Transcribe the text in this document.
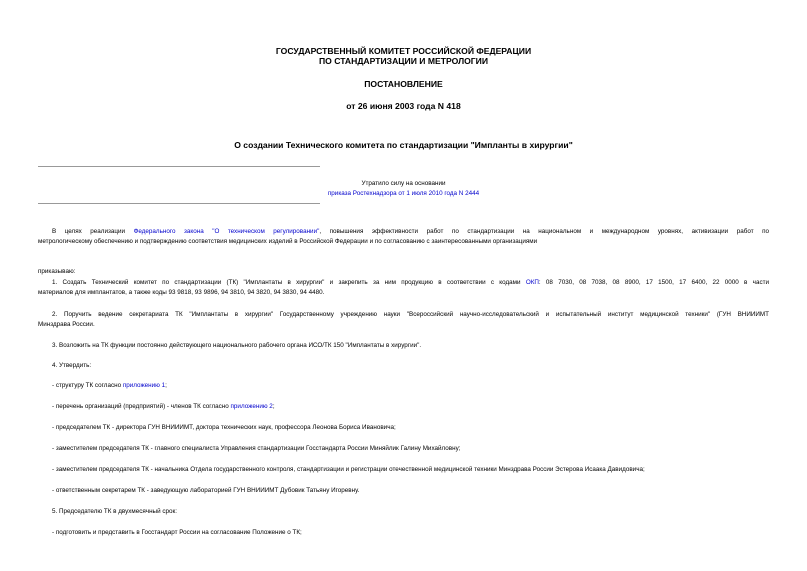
ГОСУДАРСТВЕННЫЙ КОМИТЕТ РОССИЙСКОЙ ФЕДЕРАЦИИ
ПО СТАНДАРТИЗАЦИИ И МЕТРОЛОГИИ
ПОСТАНОВЛЕНИЕ
от 26 июня 2003 года N 418
О создании Технического комитета по стандартизации "Импланты в хирургии"
Утратило силу на основании
приказа Ростехнадзора от 1 июля 2010 года N 2444
В целях реализации Федерального закона "О техническом регулировании", повышения эффективности работ по стандартизации на национальном и международном уровнях, активизации работ по
метрологическому обеспечению и подтверждению соответствия медицинских изделий в Российской Федерации и по согласованию с заинтересованными организациями
приказываю:
1. Создать Технический комитет по стандартизации (ТК) "Имплантаты в хирургии" и закрепить за ним продукцию в соответствии с кодами ОКП: 08 7030, 08 7038, 08 8900, 17 1500, 17 6400, 22 0000 в части
материалов для имплантатов, а также коды 93 9818, 93 9896, 94 3810, 94 3820, 94 3830, 94 4480.
2. Поручить ведение секретариата ТК "Имплантаты в хирургии" Государственному учреждению науки "Всероссийский научно-исследовательский и испытательный институт медицинской техники" (ГУН ВНИИИМТ
Минздрава России.
3. Возложить на ТК функции постоянно действующего национального рабочего органа ИСО/ТК 150 "Имплантаты в хирургии".
4. Утвердить:
- структуру ТК согласно приложению 1;
- перечень организаций (предприятий) - членов ТК согласно приложению 2;
- председателем ТК - директора ГУН ВНИИИМТ, доктора технических наук, профессора Леонова Бориса Ивановича;
- заместителем председателя ТК - главного специалиста Управления стандартизации Госстандарта России Миняйлик Галину Михайловну;
- заместителем председателя ТК - начальника Отдела государственного контроля, стандартизации и регистрации отечественной медицинской техники Минздрава России Эстерова Исаака Давидовича;
- ответственным секретарем ТК - заведующую лабораторией ГУН ВНИИИМТ Дубовик Татьяну Игоревну.
5. Председателю ТК в двухмесячный срок:
- подготовить и представить в Госстандарт России на согласование Положение о ТК;
